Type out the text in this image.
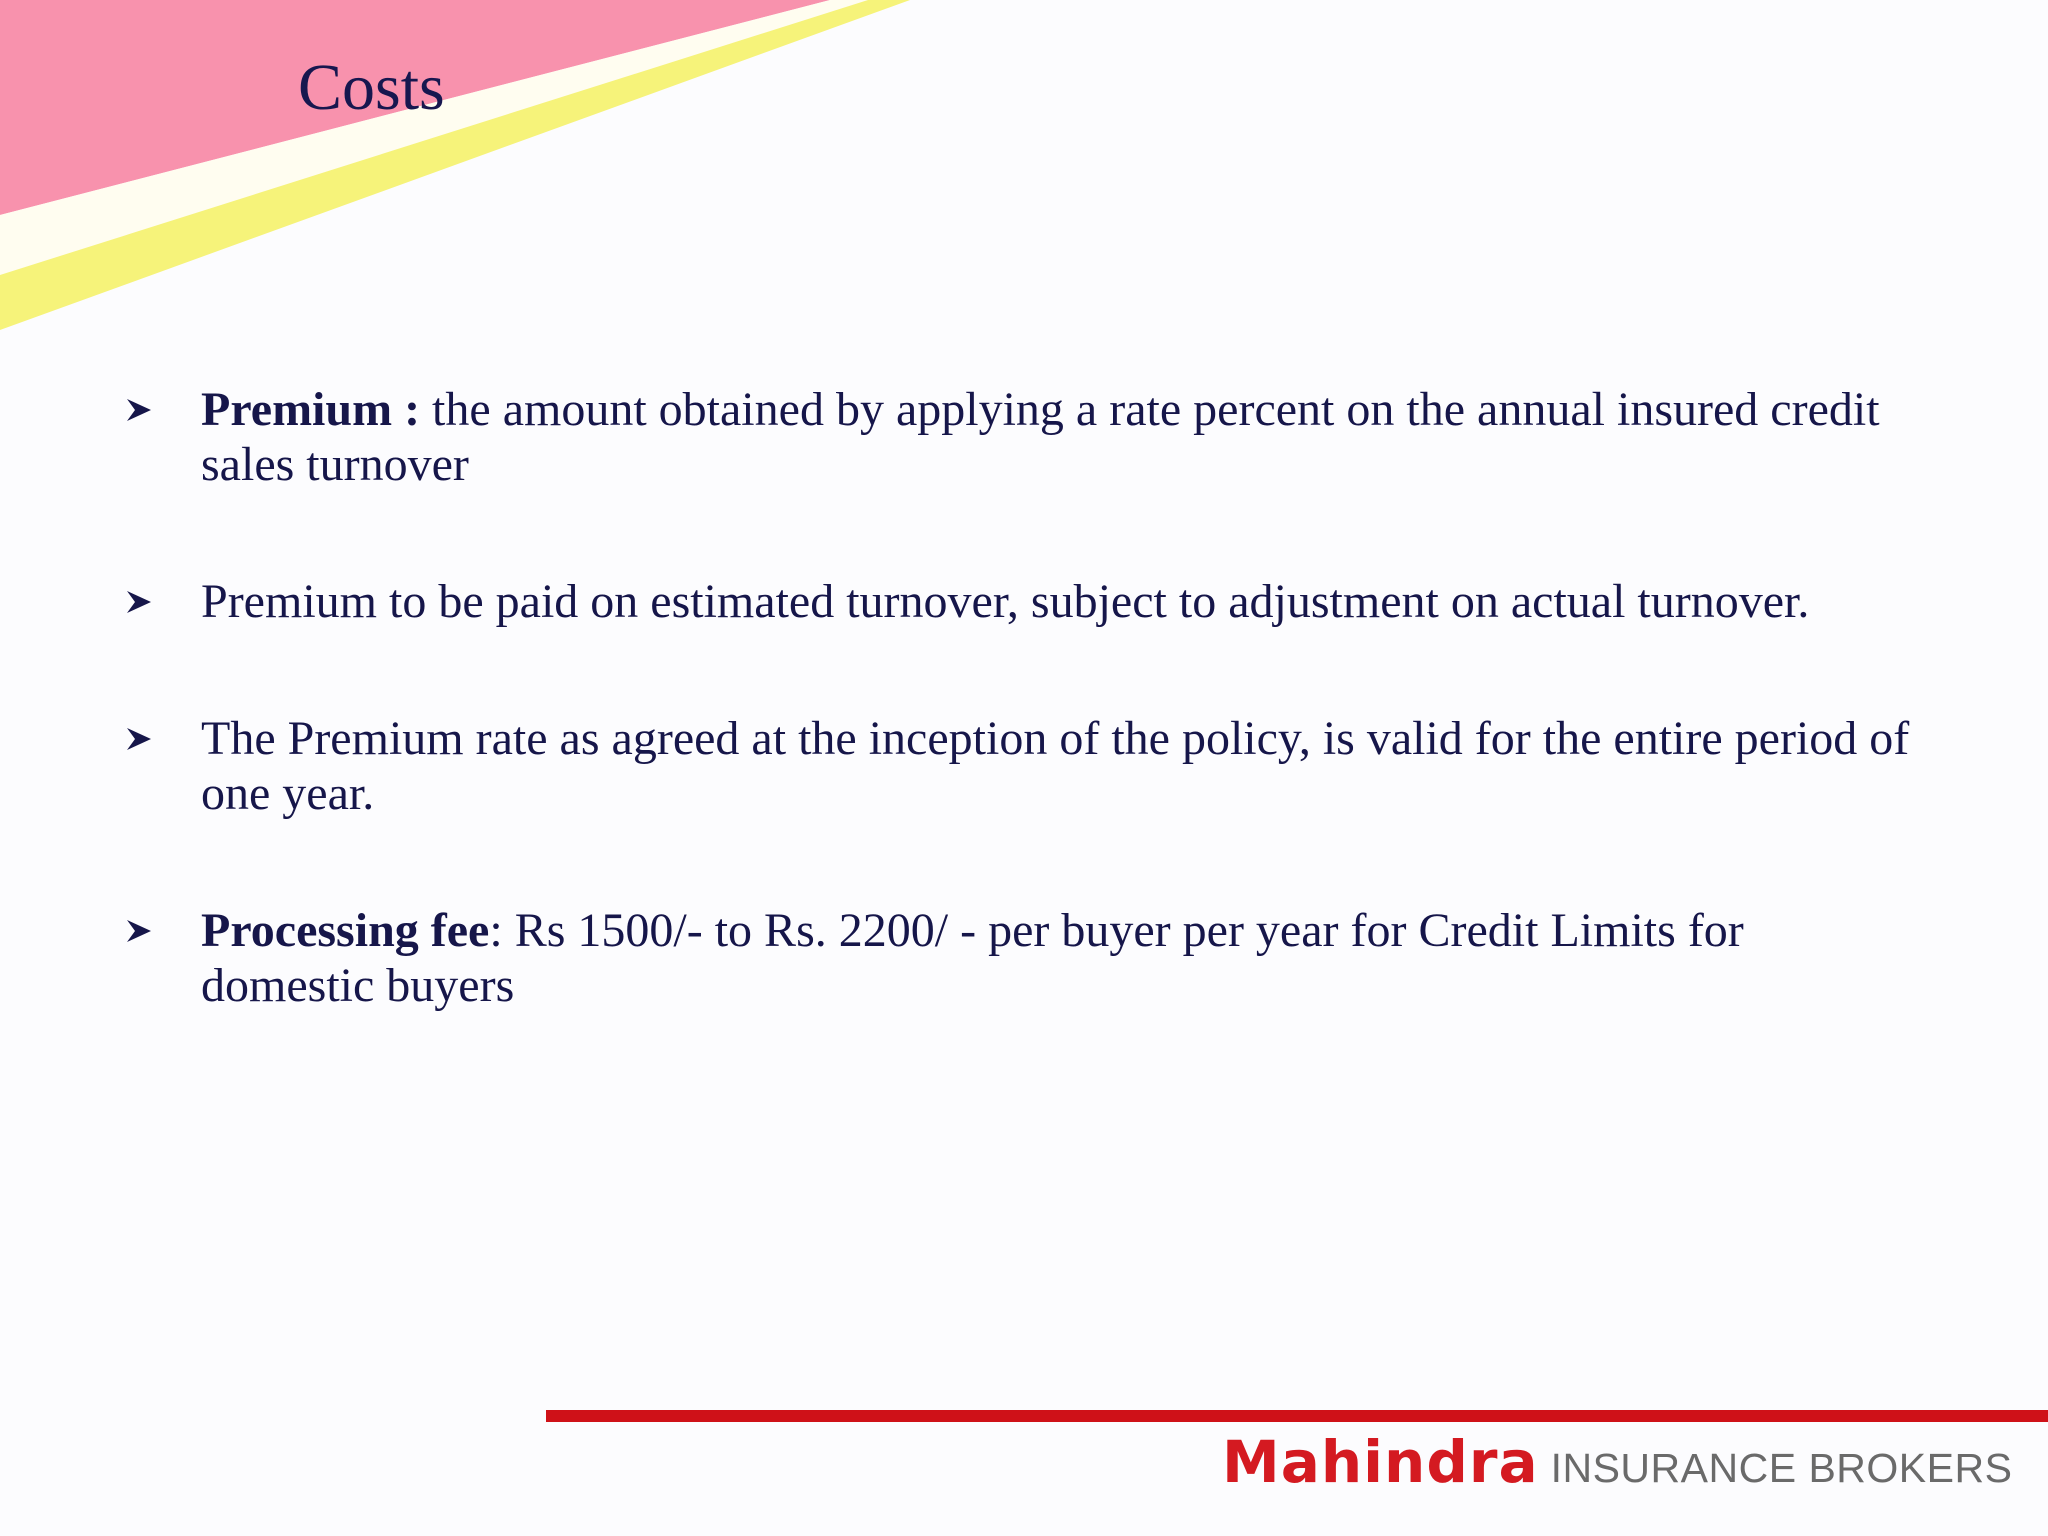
Costs
Premium : the amount obtained by applying a rate percent on the annual insured credit sales turnover
Premium to be paid on estimated turnover, subject to adjustment on actual turnover.
The Premium rate as agreed at the inception of the policy, is valid for the entire period of one year.
Processing fee: Rs 1500/- to Rs. 2200/ - per buyer per year for Credit Limits for domestic buyers
Mahindra INSURANCE BROKERS
